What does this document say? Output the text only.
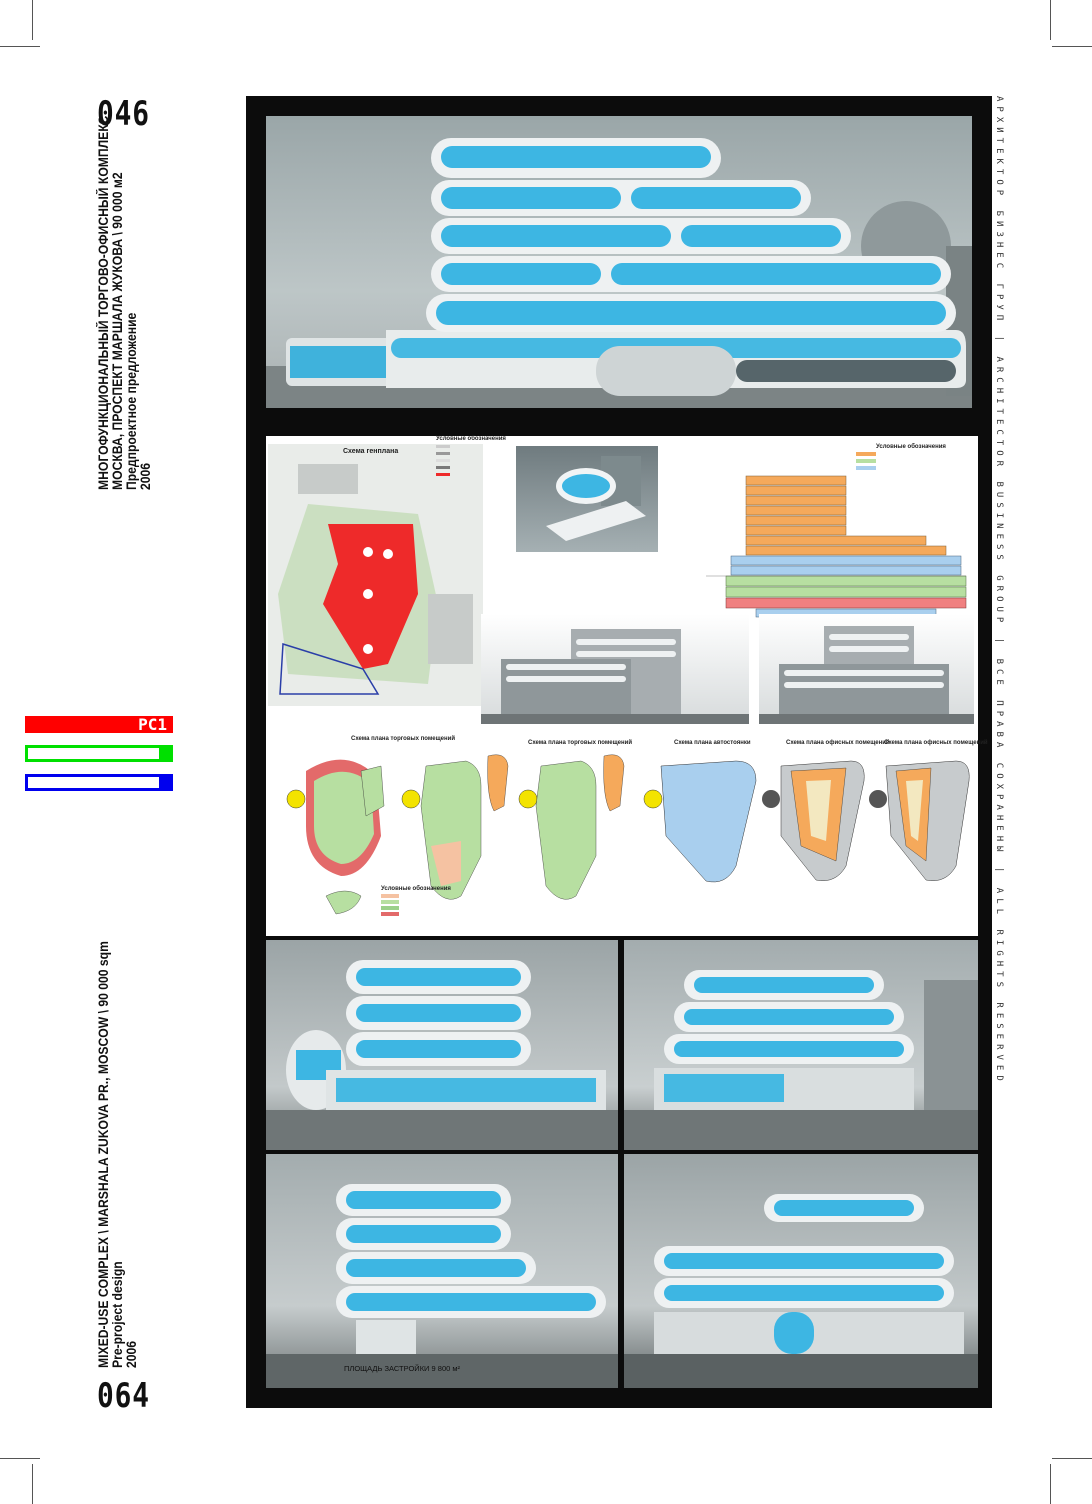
046
064
МНОГОФУНКЦИОНАЛЬНЫЙ ТОРГОВО-ОФИСНЫЙ КОМПЛЕКС МОСКВА, ПРОСПЕКТ МАРШАЛА ЖУКОВА \ 90 000 м2 Предпроектное предложение 2006
MIXED-USE COMPLEX \ MARSHALA ZUKOVA PR., MOSCOW \ 90 000 sqm Pre-project design 2006
РС1	АРХИТЕКТОР БИЗНЕС ГРУП | ARCHITECTOR BUSINESS GROUP | ВСЕ ПРАВА СОХРАНЕНЫ | ALL RIGHTS RESERVED
Схема генплана
Условные обозначения
Условные обозначения
Схема плана торговых помещений
Схема плана торговых помещений	Схема плана автостоянки	Схема плана офисных помещений
Схема плана офисных помещений
Условные обозначения
ПЛОЩАДЬ ЗАСТРОЙКИ 9 800 м²
